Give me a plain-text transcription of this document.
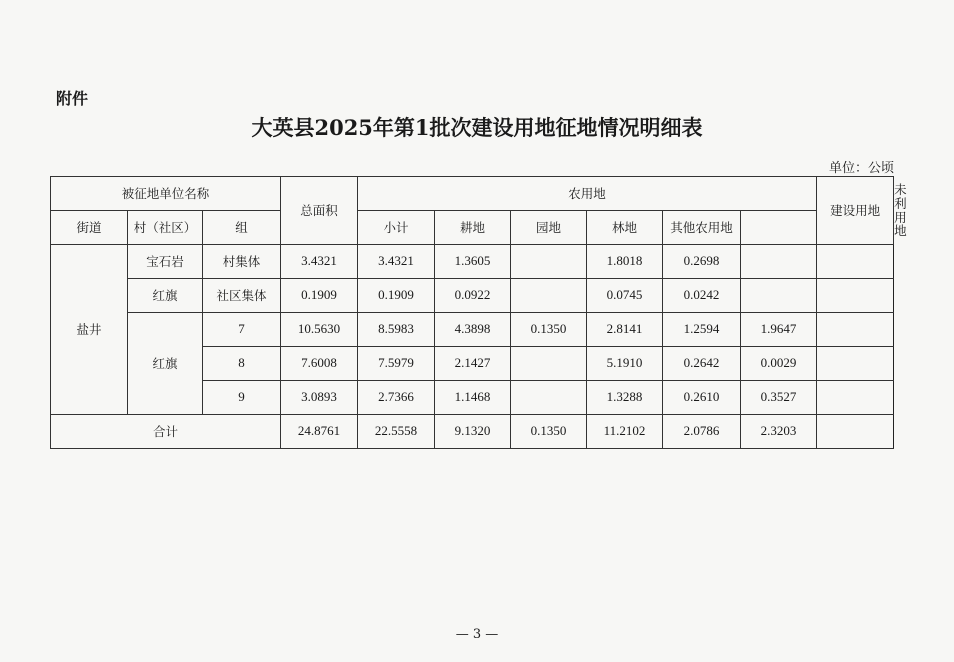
附件
大英县2025年第1批次建设用地征地情况明细表
单位：公顷
被征地单位名称			总面积	农用地						建设用地	未利用地
街道	村（社区）	组		小计	耕地	园地	林地	其他农用地			
盐井	宝石岩	村集体	3.4321	3.4321	1.3605		1.8018	0.2698			
	红旗	社区集体	0.1909	0.1909	0.0922		0.0745	0.0242			
	红旗	7	10.5630	8.5983	4.3898	0.1350	2.8141	1.2594	1.9647		
		8	7.6008	7.5979	2.1427		5.1910	0.2642	0.0029		
		9	3.0893	2.7366	1.1468		1.3288	0.2610	0.3527		
合计			24.8761	22.5558	9.1320	0.1350	11.2102	2.0786	2.3203		
— 3 —
